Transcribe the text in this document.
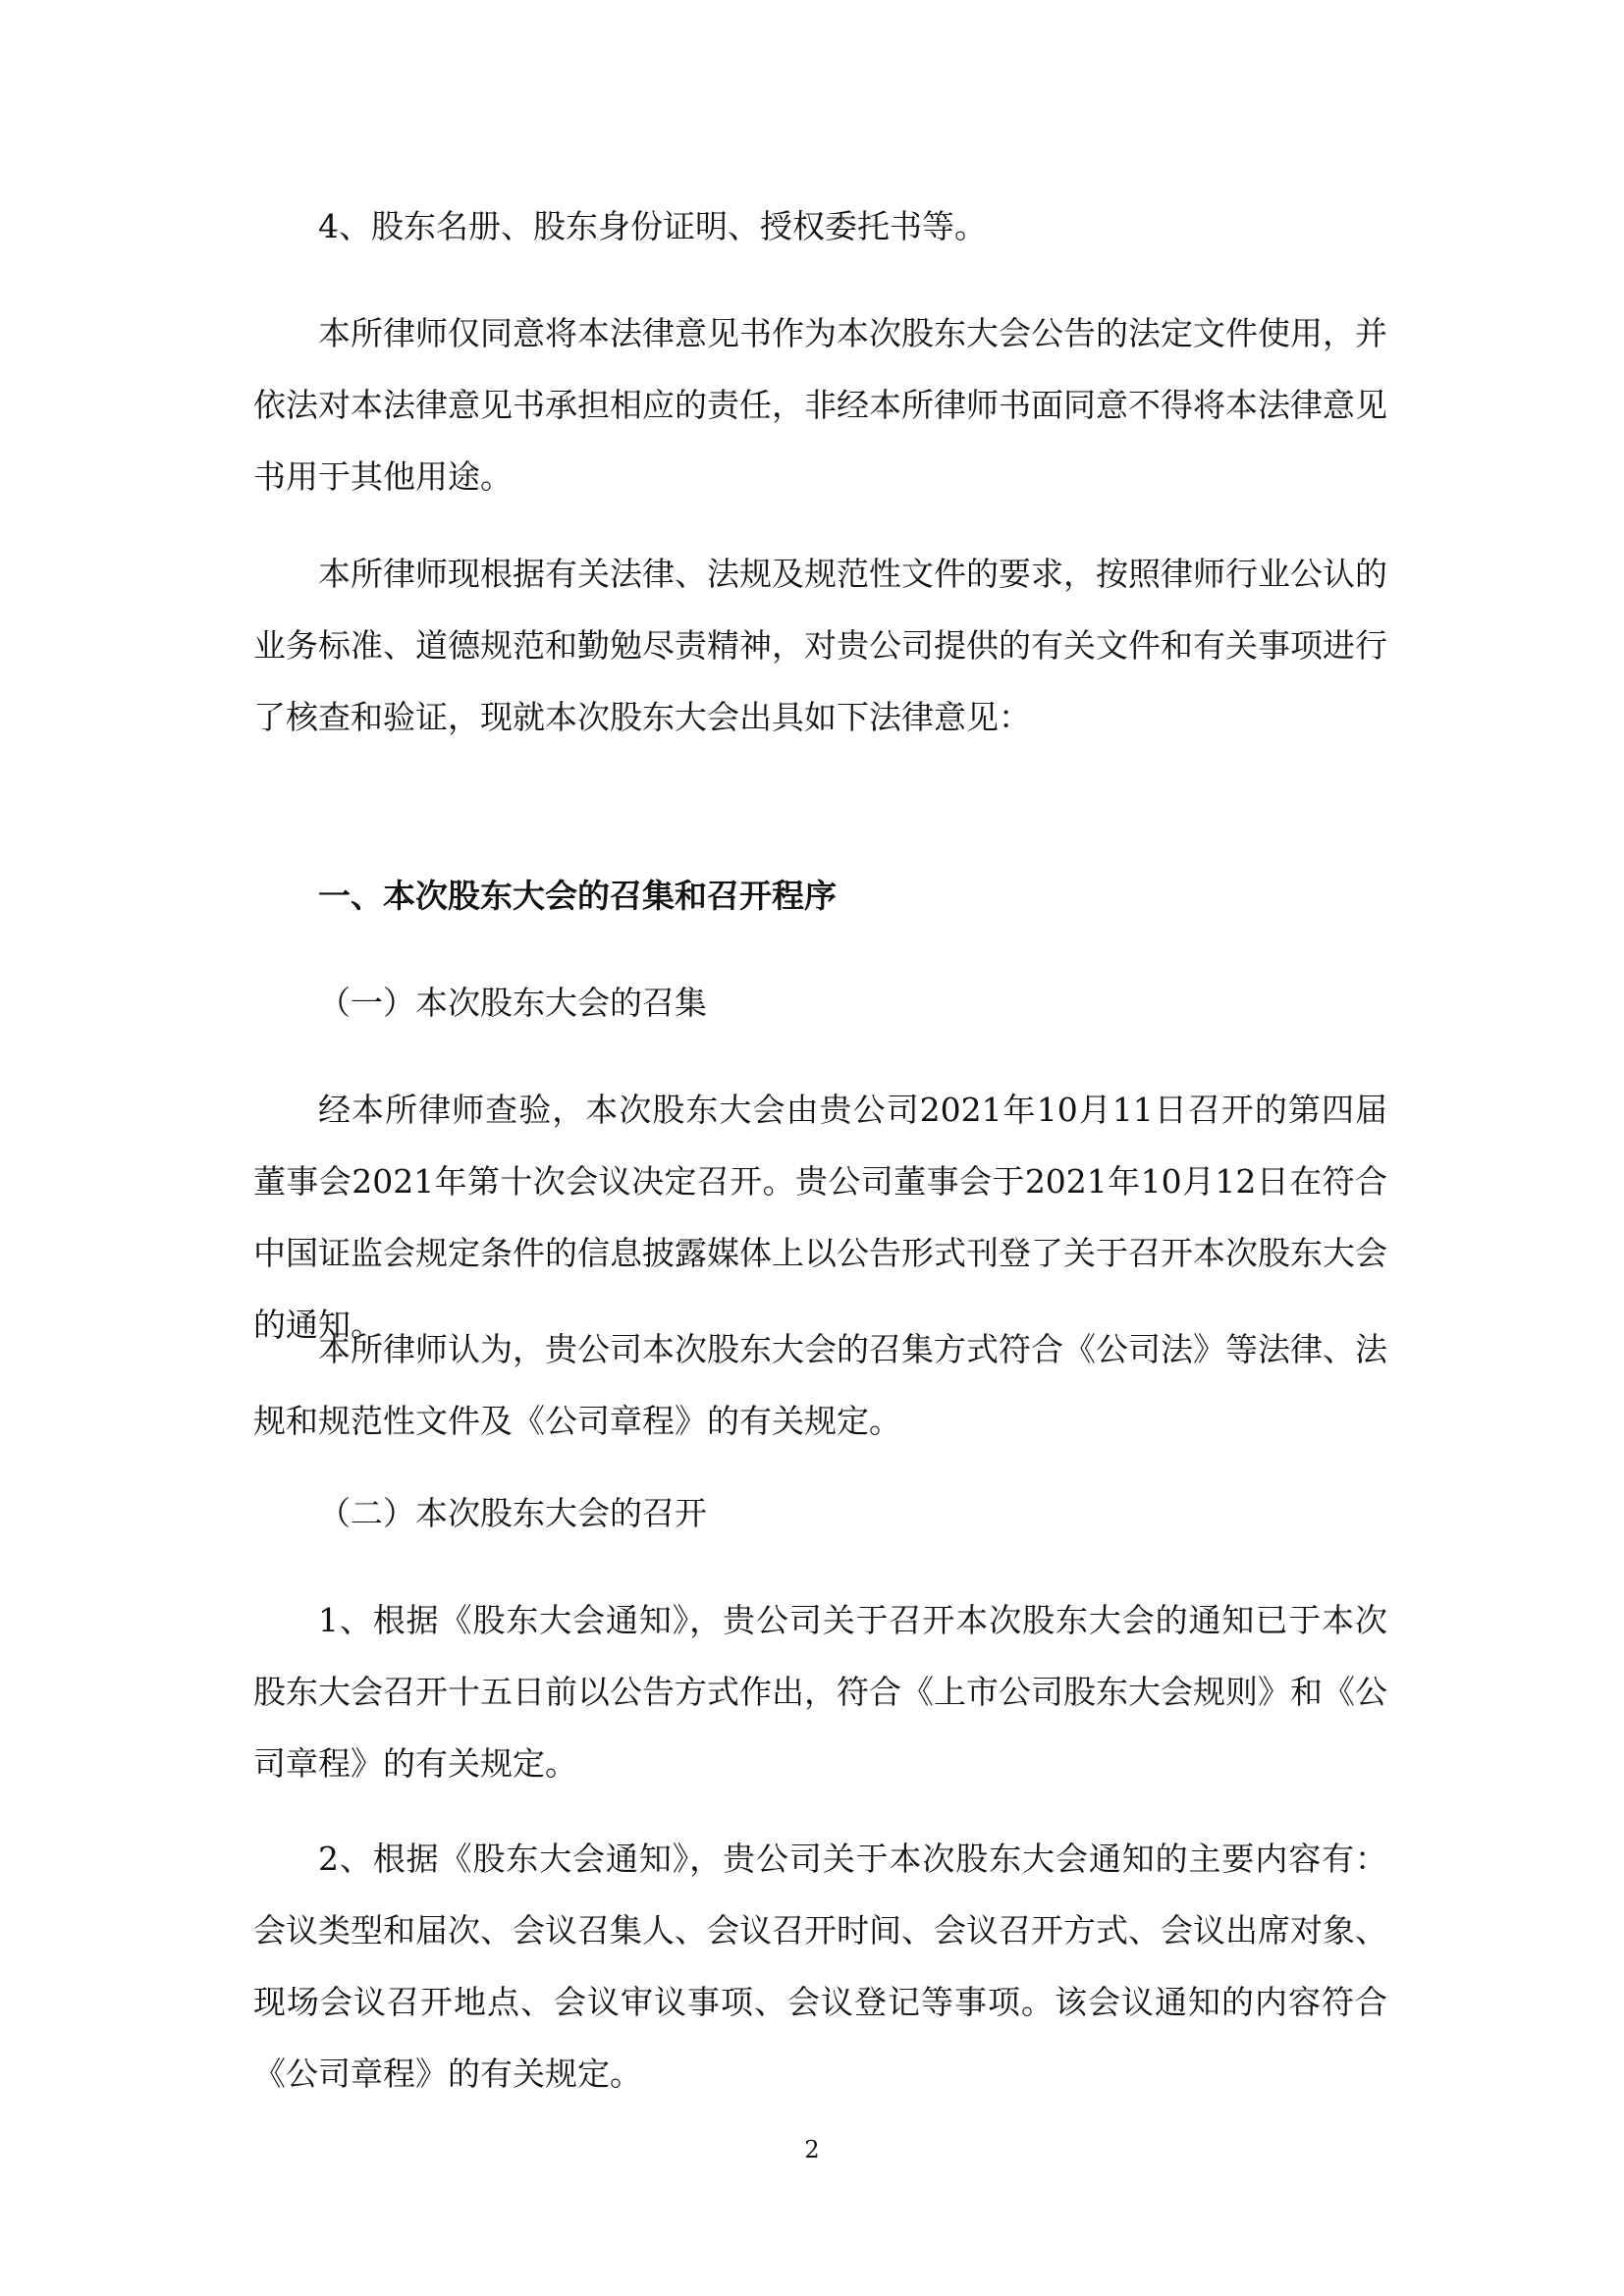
4、股东名册、股东身份证明、授权委托书等。

本所律师仅同意将本法律意见书作为本次股东大会公告的法定文件使用，并依法对本法律意见书承担相应的责任，非经本所律师书面同意不得将本法律意见书用于其他用途。

本所律师现根据有关法律、法规及规范性文件的要求，按照律师行业公认的业务标准、道德规范和勤勉尽责精神，对贵公司提供的有关文件和有关事项进行了核查和验证，现就本次股东大会出具如下法律意见：

一、本次股东大会的召集和召开程序

（一）本次股东大会的召集

经本所律师查验，本次股东大会由贵公司2021年10月11日召开的第四届董事会2021年第十次会议决定召开。贵公司董事会于2021年10月12日在符合中国证监会规定条件的信息披露媒体上以公告形式刊登了关于召开本次股东大会的通知。

本所律师认为，贵公司本次股东大会的召集方式符合《公司法》等法律、法规和规范性文件及《公司章程》的有关规定。

（二）本次股东大会的召开

1、根据《股东大会通知》，贵公司关于召开本次股东大会的通知已于本次股东大会召开十五日前以公告方式作出，符合《上市公司股东大会规则》和《公司章程》的有关规定。

2、根据《股东大会通知》，贵公司关于本次股东大会通知的主要内容有：会议类型和届次、会议召集人、会议召开时间、会议召开方式、会议出席对象、现场会议召开地点、会议审议事项、会议登记等事项。该会议通知的内容符合《公司章程》的有关规定。

2
